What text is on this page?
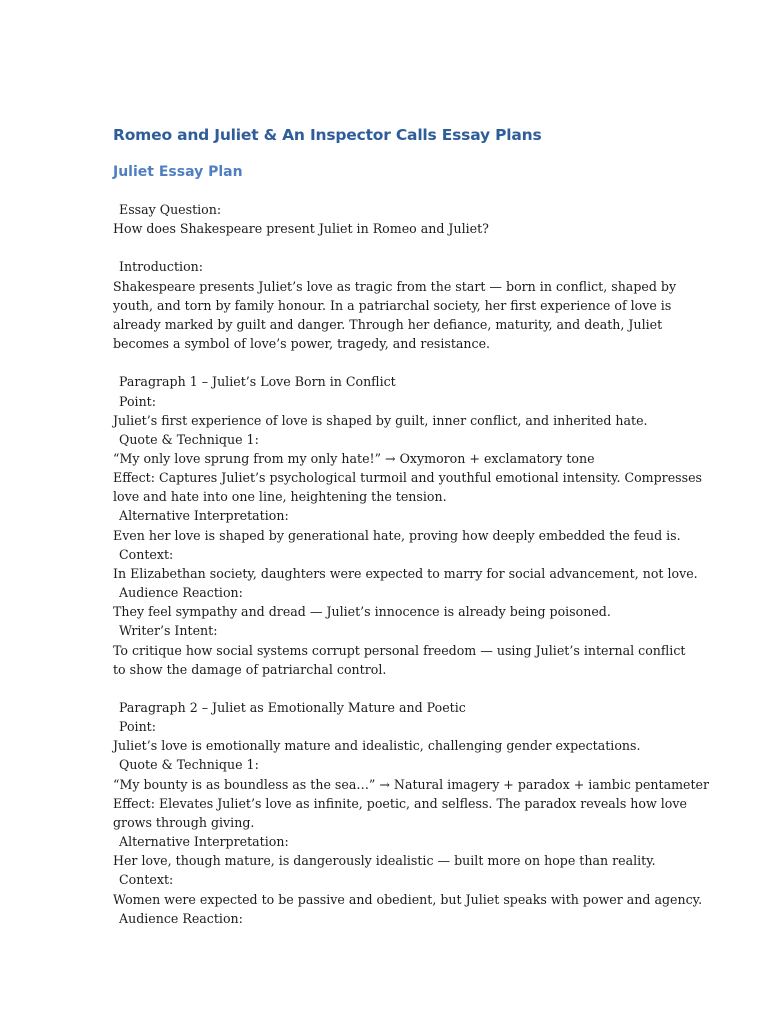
Romeo and Juliet & An Inspector Calls Essay Plans
Juliet Essay Plan
Essay Question:
How does Shakespeare present Juliet in Romeo and Juliet?
Introduction:
Shakespeare presents Juliet’s love as tragic from the start — born in conflict, shaped by
youth, and torn by family honour. In a patriarchal society, her first experience of love is
already marked by guilt and danger. Through her defiance, maturity, and death, Juliet
becomes a symbol of love’s power, tragedy, and resistance.
Paragraph 1 – Juliet’s Love Born in Conflict
Point:
Juliet’s first experience of love is shaped by guilt, inner conflict, and inherited hate.
Quote & Technique 1:
“My only love sprung from my only hate!” → Oxymoron + exclamatory tone
Effect: Captures Juliet’s psychological turmoil and youthful emotional intensity. Compresses
love and hate into one line, heightening the tension.
Alternative Interpretation:
Even her love is shaped by generational hate, proving how deeply embedded the feud is.
Context:
In Elizabethan society, daughters were expected to marry for social advancement, not love.
Audience Reaction:
They feel sympathy and dread — Juliet’s innocence is already being poisoned.
Writer’s Intent:
To critique how social systems corrupt personal freedom — using Juliet’s internal conflict
to show the damage of patriarchal control.
Paragraph 2 – Juliet as Emotionally Mature and Poetic
Point:
Juliet’s love is emotionally mature and idealistic, challenging gender expectations.
Quote & Technique 1:
“My bounty is as boundless as the sea…” → Natural imagery + paradox + iambic pentameter
Effect: Elevates Juliet’s love as infinite, poetic, and selfless. The paradox reveals how love
grows through giving.
Alternative Interpretation:
Her love, though mature, is dangerously idealistic — built more on hope than reality.
Context:
Women were expected to be passive and obedient, but Juliet speaks with power and agency.
Audience Reaction:
